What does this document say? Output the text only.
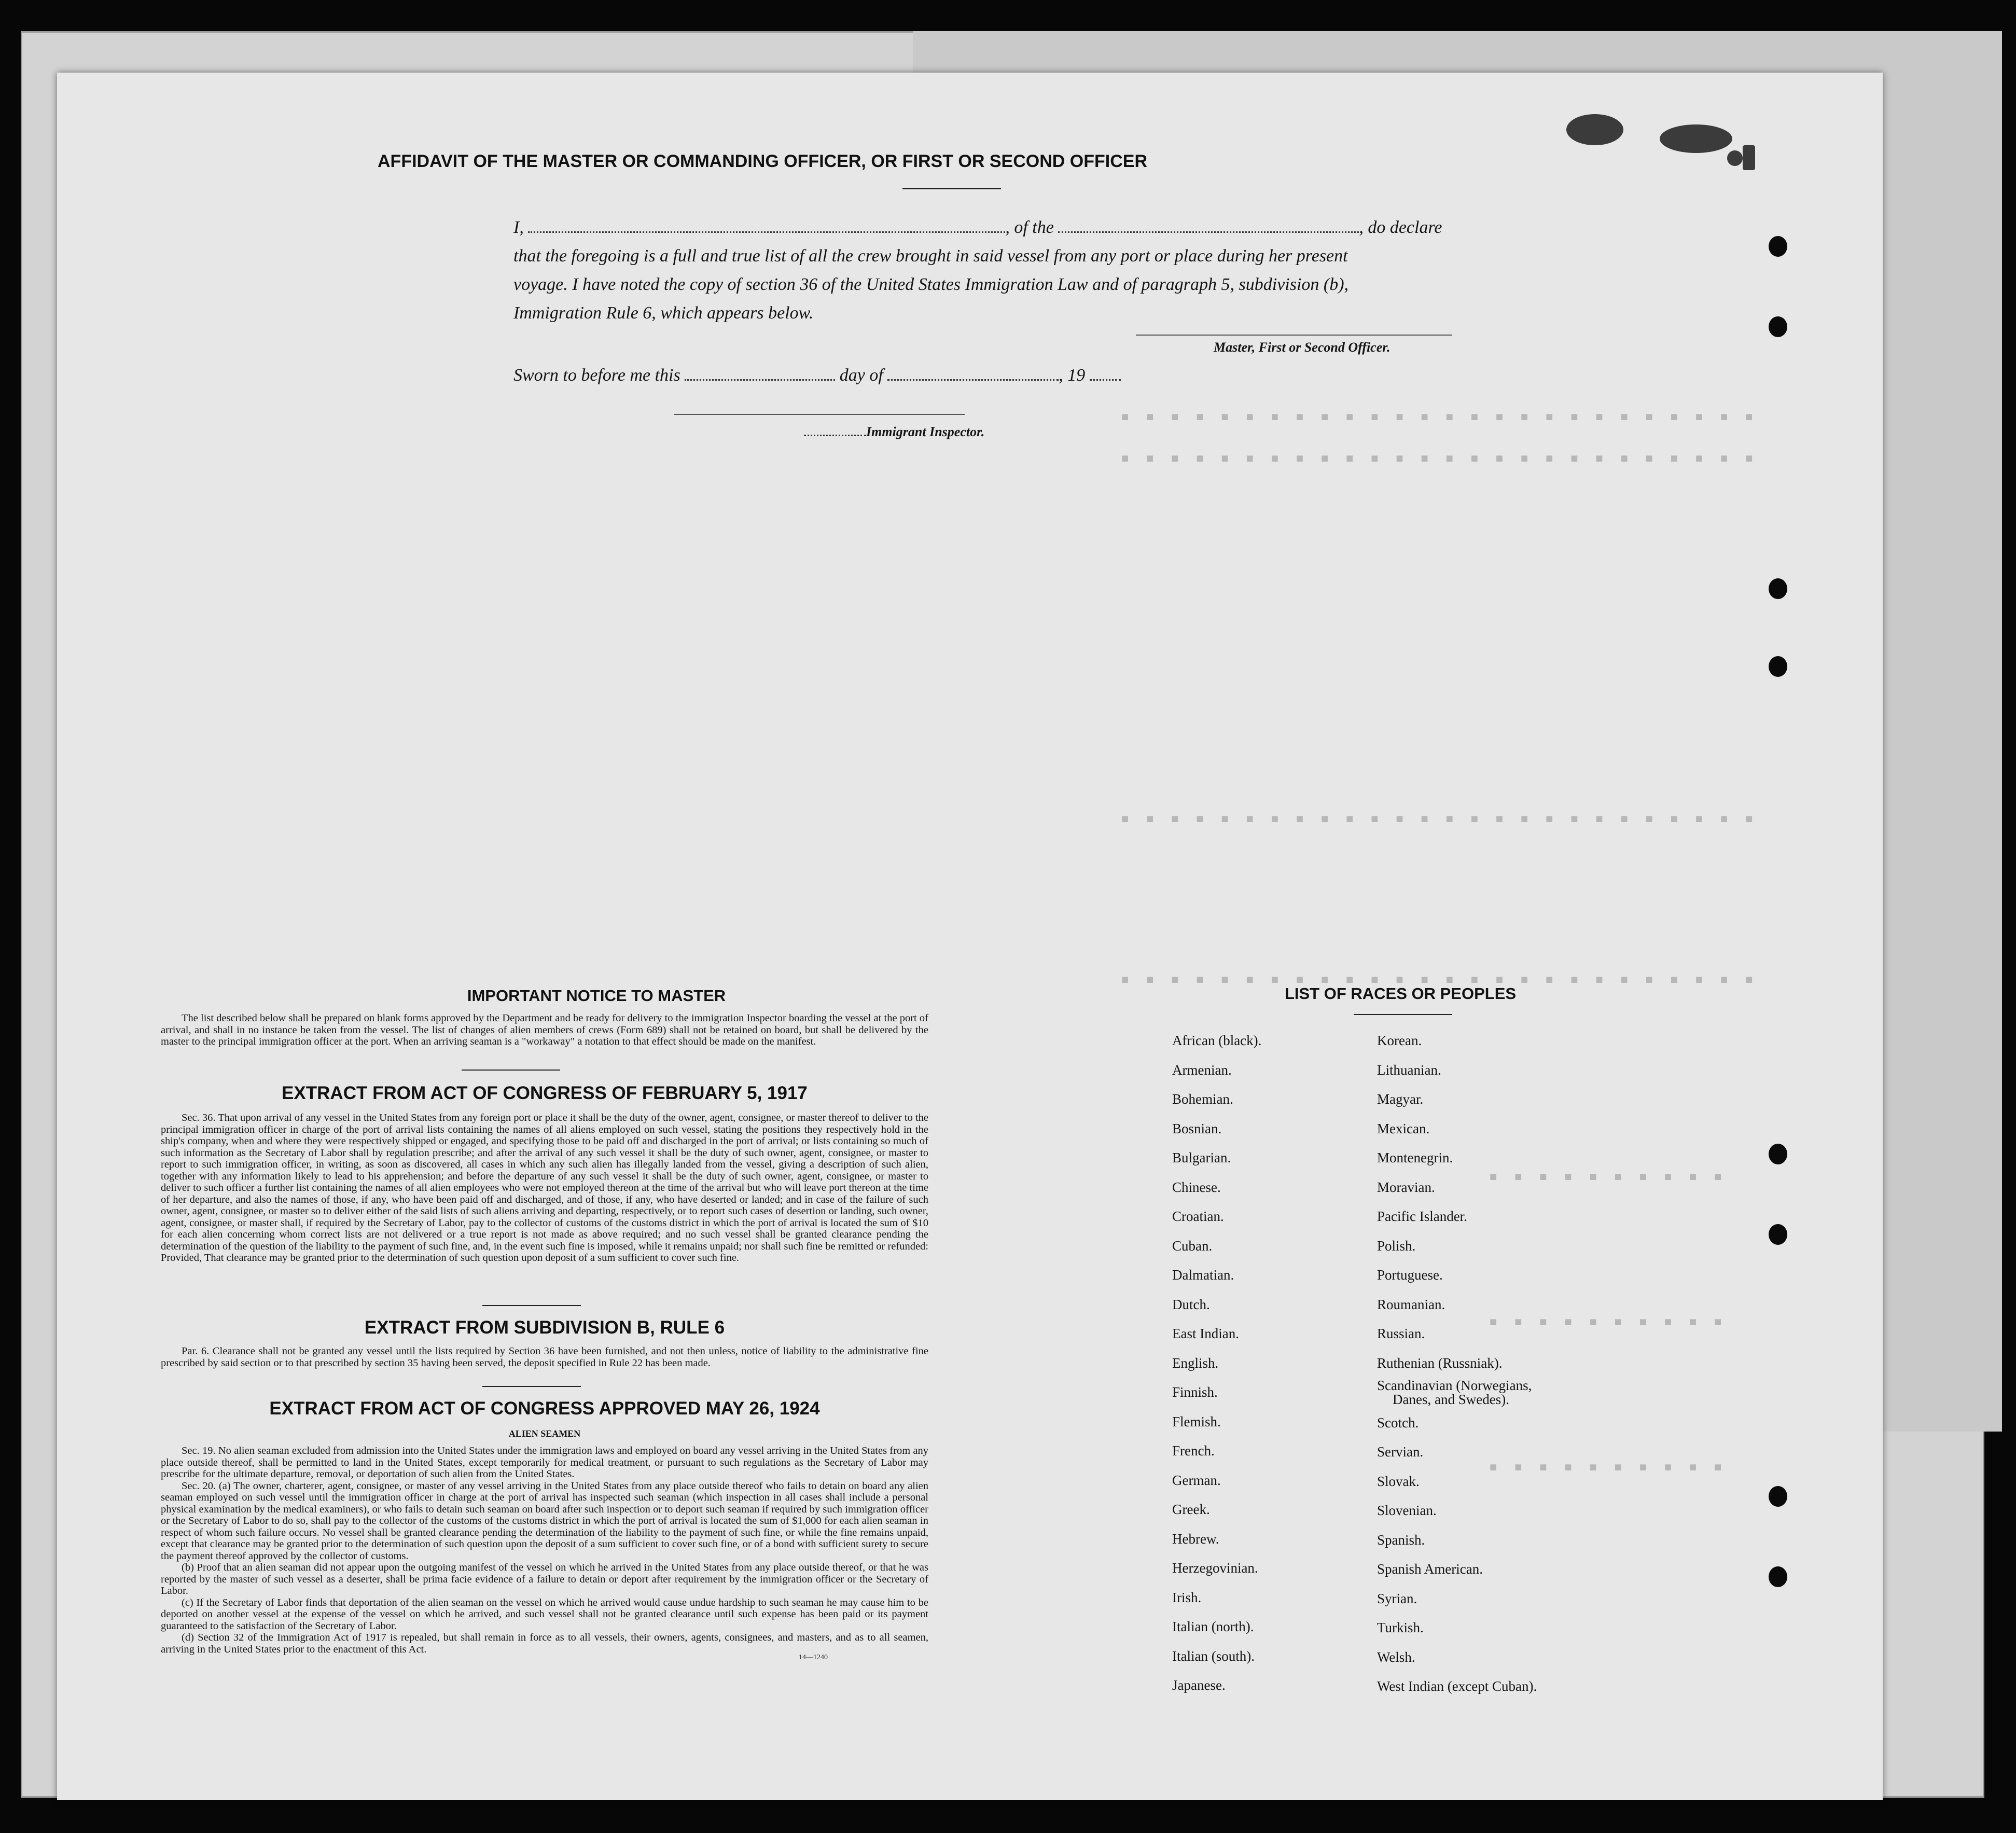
▪ ▪ ▪ ▪ ▪ ▪ ▪ ▪ ▪ ▪ ▪ ▪ ▪ ▪ ▪ ▪ ▪ ▪ ▪ ▪ ▪ ▪ ▪ ▪ ▪ ▪
▪ ▪ ▪ ▪ ▪ ▪ ▪ ▪ ▪ ▪ ▪ ▪ ▪ ▪ ▪ ▪ ▪ ▪ ▪ ▪ ▪ ▪ ▪ ▪ ▪ ▪
▪ ▪ ▪ ▪ ▪ ▪ ▪ ▪ ▪ ▪ ▪ ▪ ▪ ▪ ▪ ▪ ▪ ▪ ▪ ▪ ▪ ▪ ▪ ▪ ▪ ▪
▪ ▪ ▪ ▪ ▪ ▪ ▪ ▪ ▪ ▪ ▪ ▪ ▪ ▪ ▪ ▪ ▪ ▪ ▪ ▪ ▪ ▪ ▪ ▪ ▪ ▪
▪ ▪ ▪ ▪ ▪ ▪ ▪ ▪ ▪ ▪
▪ ▪ ▪ ▪ ▪ ▪ ▪ ▪ ▪ ▪
▪ ▪ ▪ ▪ ▪ ▪ ▪ ▪ ▪ ▪
AFFIDAVIT OF THE MASTER OR COMMANDING OFFICER, OR FIRST OR SECOND OFFICER
I,	, of the	, do declare
that the foregoing is a full and true list of all the crew brought in said vessel from any port or place during her present
voyage. I have noted the copy of section 36 of the United States Immigration Law and of paragraph 5, subdivision (b),
Immigration Rule 6, which appears below.
Master, First or Second Officer.
Sworn to before me this	day of	, 19
Immigrant Inspector.
IMPORTANT NOTICE TO MASTER

The list described below shall be prepared on blank forms approved by the Department and be ready for delivery to the immigration Inspector boarding the vessel at the port of arrival, and shall in no instance be taken from the vessel. The list of changes of alien members of crews (Form 689) shall not be retained on board, but shall be delivered by the master to the principal immigration officer at the port. When an arriving seaman is a "workaway" a notation to that effect should be made on the manifest.

EXTRACT FROM ACT OF CONGRESS OF FEBRUARY 5, 1917

Sec. 36. That upon arrival of any vessel in the United States from any foreign port or place it shall be the duty of the owner, agent, consignee, or master thereof to deliver to the principal immigration officer in charge of the port of arrival lists containing the names of all aliens employed on such vessel, stating the positions they respectively hold in the ship's company, when and where they were respectively shipped or engaged, and specifying those to be paid off and discharged in the port of arrival; or lists containing so much of such information as the Secretary of Labor shall by regulation prescribe; and after the arrival of any such vessel it shall be the duty of such owner, agent, consignee, or master to report to such immigration officer, in writing, as soon as discovered, all cases in which any such alien has illegally landed from the vessel, giving a description of such alien, together with any information likely to lead to his apprehension; and before the departure of any such vessel it shall be the duty of such owner, agent, consignee, or master to deliver to such officer a further list containing the names of all alien employees who were not employed thereon at the time of the arrival but who will leave port thereon at the time of her departure, and also the names of those, if any, who have been paid off and discharged, and of those, if any, who have deserted or landed; and in case of the failure of such owner, agent, consignee, or master so to deliver either of the said lists of such aliens arriving and departing, respectively, or to report such cases of desertion or landing, such owner, agent, consignee, or master shall, if required by the Secretary of Labor, pay to the collector of customs of the customs district in which the port of arrival is located the sum of $10 for each alien concerning whom correct lists are not delivered or a true report is not made as above required; and no such vessel shall be granted clearance pending the determination of the question of the liability to the payment of such fine, and, in the event such fine is imposed, while it remains unpaid; nor shall such fine be remitted or refunded: Provided, That clearance may be granted prior to the determination of such question upon deposit of a sum sufficient to cover such fine.

EXTRACT FROM SUBDIVISION B, RULE 6

Par. 6. Clearance shall not be granted any vessel until the lists required by Section 36 have been furnished, and not then unless, notice of liability to the administrative fine prescribed by said section or to that prescribed by section 35 having been served, the deposit specified in Rule 22 has been made.

EXTRACT FROM ACT OF CONGRESS APPROVED MAY 26, 1924
ALIEN SEAMEN

Sec. 19. No alien seaman excluded from admission into the United States under the immigration laws and employed on board any vessel arriving in the United States from any place outside thereof, shall be permitted to land in the United States, except temporarily for medical treatment, or pursuant to such regulations as the Secretary of Labor may prescribe for the ultimate departure, removal, or deportation of such alien from the United States.

Sec. 20. (a) The owner, charterer, agent, consignee, or master of any vessel arriving in the United States from any place outside thereof who fails to detain on board any alien seaman employed on such vessel until the immigration officer in charge at the port of arrival has inspected such seaman (which inspection in all cases shall include a personal physical examination by the medical examiners), or who fails to detain such seaman on board after such inspection or to deport such seaman if required by such immigration officer or the Secretary of Labor to do so, shall pay to the collector of the customs of the customs district in which the port of arrival is located the sum of $1,000 for each alien seaman in respect of whom such failure occurs. No vessel shall be granted clearance pending the determination of the liability to the payment of such fine, or while the fine remains unpaid, except that clearance may be granted prior to the determination of such question upon the deposit of a sum sufficient to cover such fine, or of a bond with sufficient surety to secure the payment thereof approved by the collector of customs.

(b) Proof that an alien seaman did not appear upon the outgoing manifest of the vessel on which he arrived in the United States from any place outside thereof, or that he was reported by the master of such vessel as a deserter, shall be prima facie evidence of a failure to detain or deport after requirement by the immigration officer or the Secretary of Labor.

(c) If the Secretary of Labor finds that deportation of the alien seaman on the vessel on which he arrived would cause undue hardship to such seaman he may cause him to be deported on another vessel at the expense of the vessel on which he arrived, and such vessel shall not be granted clearance until such expense has been paid or its payment guaranteed to the satisfaction of the Secretary of Labor.

(d) Section 32 of the Immigration Act of 1917 is repealed, but shall remain in force as to all vessels, their owners, agents, consignees, and masters, and as to all seamen, arriving in the United States prior to the enactment of this Act.

14—1240
LIST OF RACES OR PEOPLES
African (black).
Armenian.
Bohemian.
Bosnian.
Bulgarian.
Chinese.
Croatian.
Cuban.
Dalmatian.
Dutch.
East Indian.
English.
Finnish.
Flemish.
French.
German.
Greek.
Hebrew.
Herzegovinian.
Irish.
Italian (north).
Italian (south).
Japanese.
Korean.
Lithuanian.
Magyar.
Mexican.
Montenegrin.
Moravian.
Pacific Islander.
Polish.
Portuguese.
Roumanian.
Russian.
Ruthenian (Russniak).
Scandinavian (Norwegians,
Danes, and Swedes).
Scotch.
Servian.
Slovak.
Slovenian.
Spanish.
Spanish American.
Syrian.
Turkish.
Welsh.
West Indian (except Cuban).
